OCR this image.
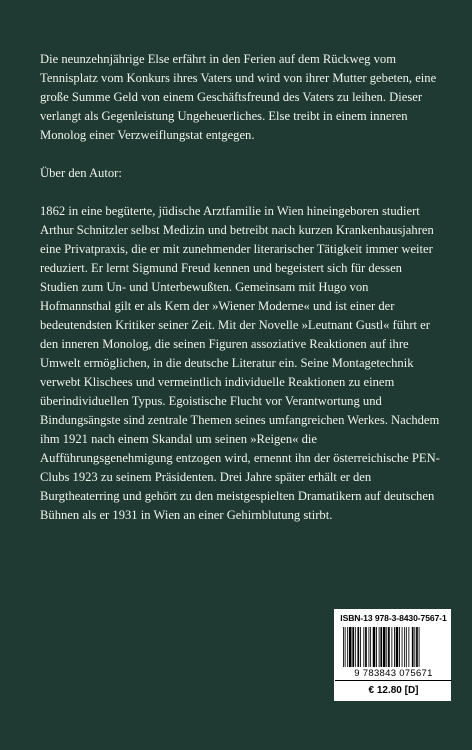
Die neunzehnjährige Else erfährt in den Ferien auf dem Rückweg vom Tennisplatz vom Konkurs ihres Vaters und wird von ihrer Mutter gebeten, eine große Summe Geld von einem Geschäftsfreund des Vaters zu leihen. Dieser verlangt als Gegenleistung Ungeheuerliches. Else treibt in einem inneren Monolog einer Verzweiflungstat entgegen.

Über den Autor:

1862 in eine begüterte, jüdische Arztfamilie in Wien hineingeboren studiert Arthur Schnitzler selbst Medizin und betreibt nach kurzen Krankenhausjahren eine Privatpraxis, die er mit zunehmender literarischer Tätigkeit immer weiter reduziert. Er lernt Sigmund Freud kennen und begeistert sich für dessen Studien zum Un- und Unterbewußten. Gemeinsam mit Hugo von Hofmannsthal gilt er als Kern der »Wiener Moderne« und ist einer der bedeutendsten Kritiker seiner Zeit. Mit der Novelle »Leutnant Gustl« führt er den inneren Monolog, die seinen Figuren assoziative Reaktionen auf ihre Umwelt ermöglichen, in die deutsche Literatur ein. Seine Montagetechnik verwebt Klischees und vermeintlich individuelle Reaktionen zu einem überindividuellen Typus. Egoistische Flucht vor Verantwortung und Bindungsängste sind zentrale Themen seines umfangreichen Werkes. Nachdem ihm 1921 nach einem Skandal um seinen »Reigen« die Aufführungsgenehmigung entzogen wird, ernennt ihn der österreichische PEN-Clubs 1923 zu seinem Präsidenten. Drei Jahre später erhält er den Burgtheaterring und gehört zu den meistgespielten Dramatikern auf deutschen Bühnen als er 1931 in Wien an einer Gehirnblutung stirbt.

ISBN-13 978-3-8430-7567-1
9 783843 075671
€ 12.80 [D]
